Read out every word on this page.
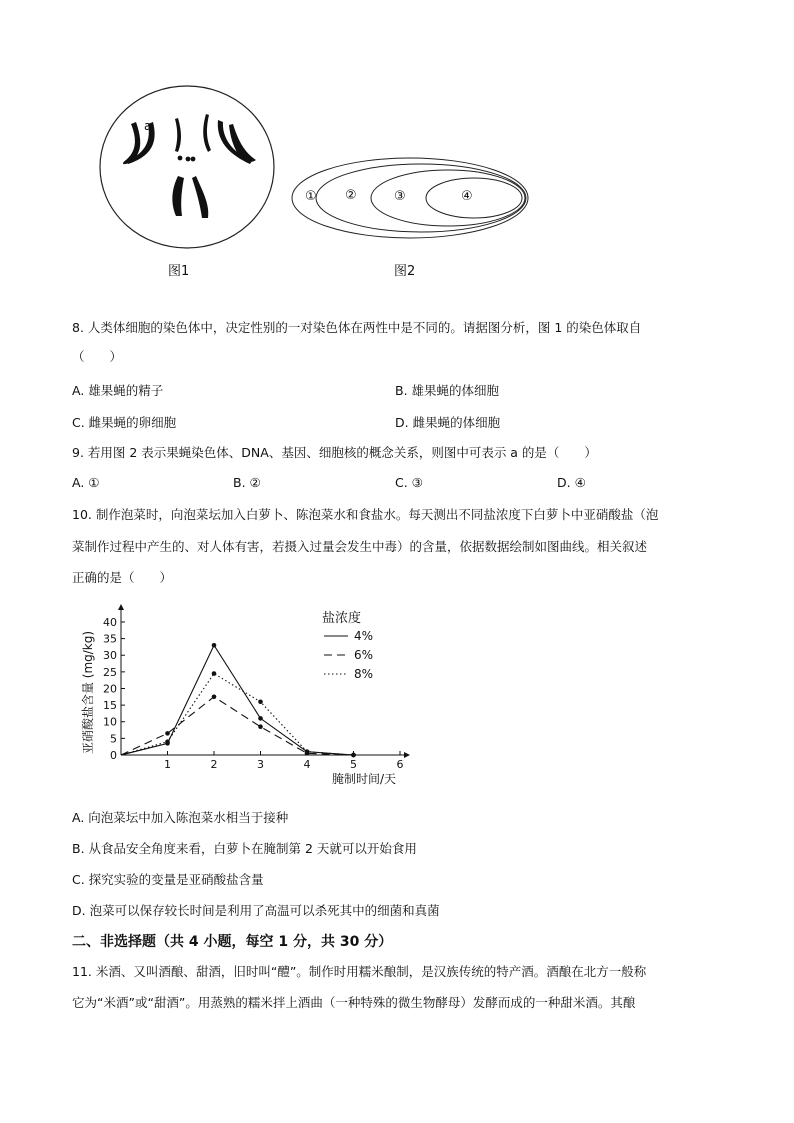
a
图1
① ②	③	④
图2
8. 人类体细胞的染色体中，决定性别的一对染色体在两性中是不同的。请据图分析，图 1 的染色体取自
（　　）
A. 雄果蝇的精子	B. 雄果蝇的体细胞
C. 雌果蝇的卵细胞	D. 雌果蝇的体细胞
9. 若用图 2 表示果蝇染色体、DNA、基因、细胞核的概念关系，则图中可表示 a 的是（　　）
A. ①	B. ②	C. ③	D. ④
10. 制作泡菜时，向泡菜坛加入白萝卜、陈泡菜水和食盐水。每天测出不同盐浓度下白萝卜中亚硝酸盐（泡
菜制作过程中产生的、对人体有害，若摄入过量会发生中毒）的含量，依据数据绘制如图曲线。相关叙述
正确的是（　　）
0
5
10
15
20
25
30
35
40
1	2	3	4	5	6
亚硝酸盐含量 (mg/kg)
腌制时间/天
盐浓度
4%
6%
8%
A. 向泡菜坛中加入陈泡菜水相当于接种
B. 从食品安全角度来看，白萝卜在腌制第 2 天就可以开始食用
C. 探究实验的变量是亚硝酸盐含量
D. 泡菜可以保存较长时间是利用了高温可以杀死其中的细菌和真菌
二、非选择题（共 4 小题，每空 1 分，共 30 分）
11. 米酒、又叫酒酿、甜酒，旧时叫“醴”。制作时用糯米酿制，是汉族传统的特产酒。酒酿在北方一般称
它为“米酒”或“甜酒”。用蒸熟的糯米拌上酒曲（一种特殊的微生物酵母）发酵而成的一种甜米酒。其酿
